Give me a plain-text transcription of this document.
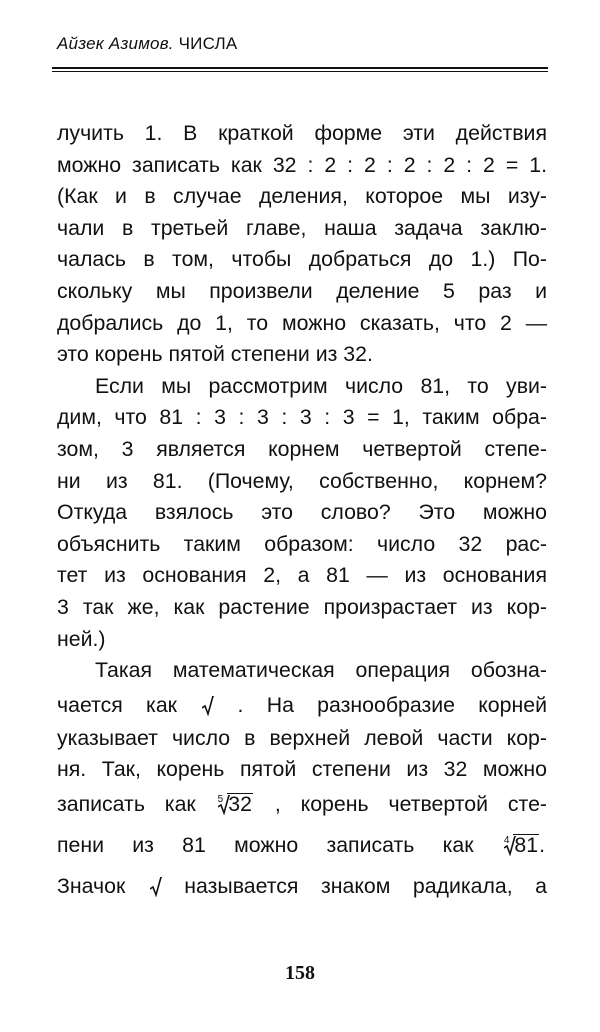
Айзек Азимов. ЧИСЛА
лучить 1. В краткой форме эти действия
можно записать как 32 : 2 : 2 : 2 : 2 : 2 = 1.
(Как и в случае деления, которое мы изу-
чали в третьей главе, наша задача заклю-
чалась в том, чтобы добраться до 1.) По-
скольку мы произвели деление 5 раз и
добрались до 1, то можно сказать, что 2 —
это корень пятой степени из 32.
Если мы рассмотрим число 81, то уви-
дим, что 81 : 3 : 3 : 3 : 3 = 1, таким обра-
зом, 3 является корнем четвертой степе-
ни из 81. (Почему, собственно, корнем?
Откуда взялось это слово? Это можно
объяснить таким образом: число 32 рас-
тет из основания 2, а 81 — из основания
3 так же, как растение произрастает из кор-
ней.)
Такая математическая операция обозна-
чается как	. На разнообразие корней
указывает число в верхней левой части кор-
ня. Так, корень пятой степени из 32 можно
записать как $^5$ 32 , корень четвертой сте-
пени из 81 можно записать как	$^4$ 81.
Значок	называется знаком радикала, а
158
